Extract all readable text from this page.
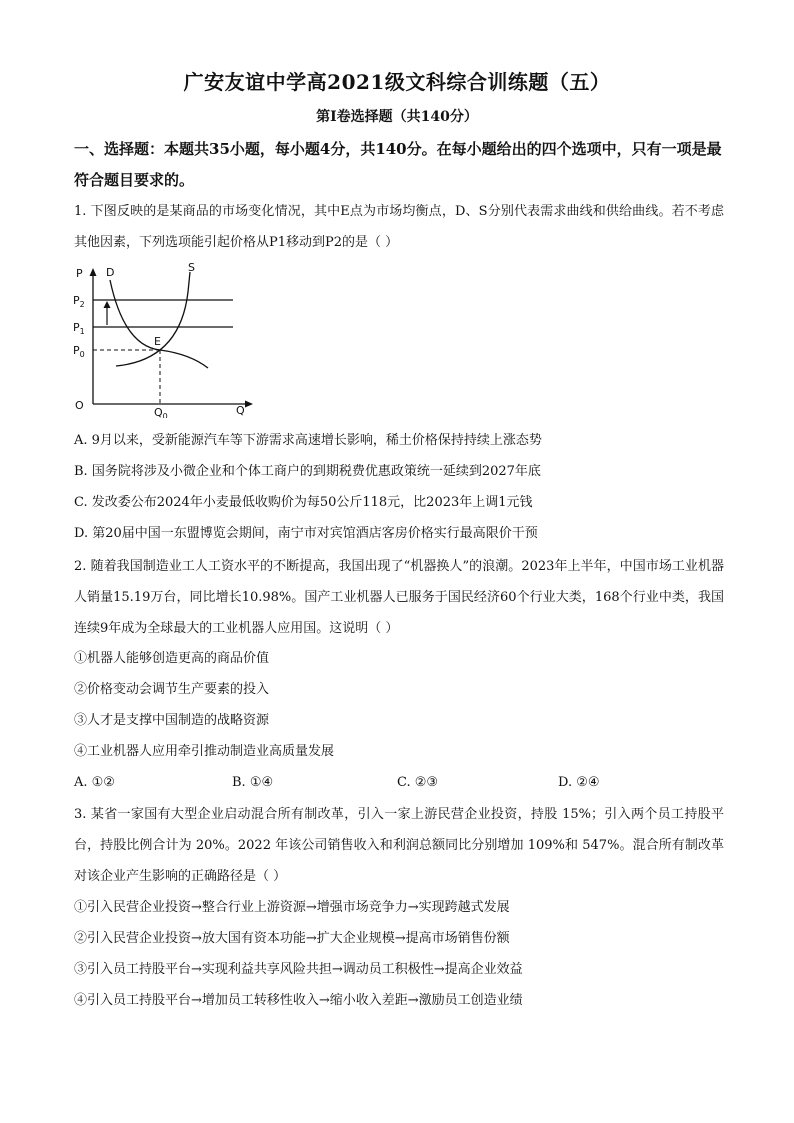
广安友谊中学高2021级文科综合训练题（五）
第Ⅰ卷选择题（共140分）
一、选择题：本题共35小题，每小题4分，共140分。在每小题给出的四个选项中，只有一项是最符合题目要求的。
1. 下图反映的是某商品的市场变化情况，其中E点为市场均衡点，D、S分别代表需求曲线和供给曲线。若不考虑其他因素，下列选项能引起价格从P1移动到P2的是（ ）
P
$P_2$
$P_1$
$P_0$
O
$Q_0$	Q
D	S
E
A. 9月以来，受新能源汽车等下游需求高速增长影响，稀土价格保持持续上涨态势
B. 国务院将涉及小微企业和个体工商户的到期税费优惠政策统一延续到2027年底
C. 发改委公布2024年小麦最低收购价为每50公斤118元，比2023年上调1元钱
D. 第20届中国一东盟博览会期间，南宁市对宾馆酒店客房价格实行最高限价干预
2. 随着我国制造业工人工资水平的不断提高，我国出现了“机器换人”的浪潮。2023年上半年，中国市场工业机器人销量15.19万台，同比增长10.98%。国产工业机器人已服务于国民经济60个行业大类，168个行业中类，我国连续9年成为全球最大的工业机器人应用国。这说明（ ）
①机器人能够创造更高的商品价值
②价格变动会调节生产要素的投入
③人才是支撑中国制造的战略资源
④工业机器人应用牵引推动制造业高质量发展
A. ①②	B. ①④	C. ②③	D. ②④
3. 某省一家国有大型企业启动混合所有制改革，引入一家上游民营企业投资，持股 15%；引入两个员工持股平台，持股比例合计为 20%。2022 年该公司销售收入和利润总额同比分别增加 109%和 547%。混合所有制改革对该企业产生影响的正确路径是（ ）
①引入民营企业投资→整合行业上游资源→增强市场竞争力→实现跨越式发展
②引入民营企业投资→放大国有资本功能→扩大企业规模→提高市场销售份额
③引入员工持股平台→实现利益共享风险共担→调动员工积极性→提高企业效益
④引入员工持股平台→增加员工转移性收入→缩小收入差距→激励员工创造业绩
